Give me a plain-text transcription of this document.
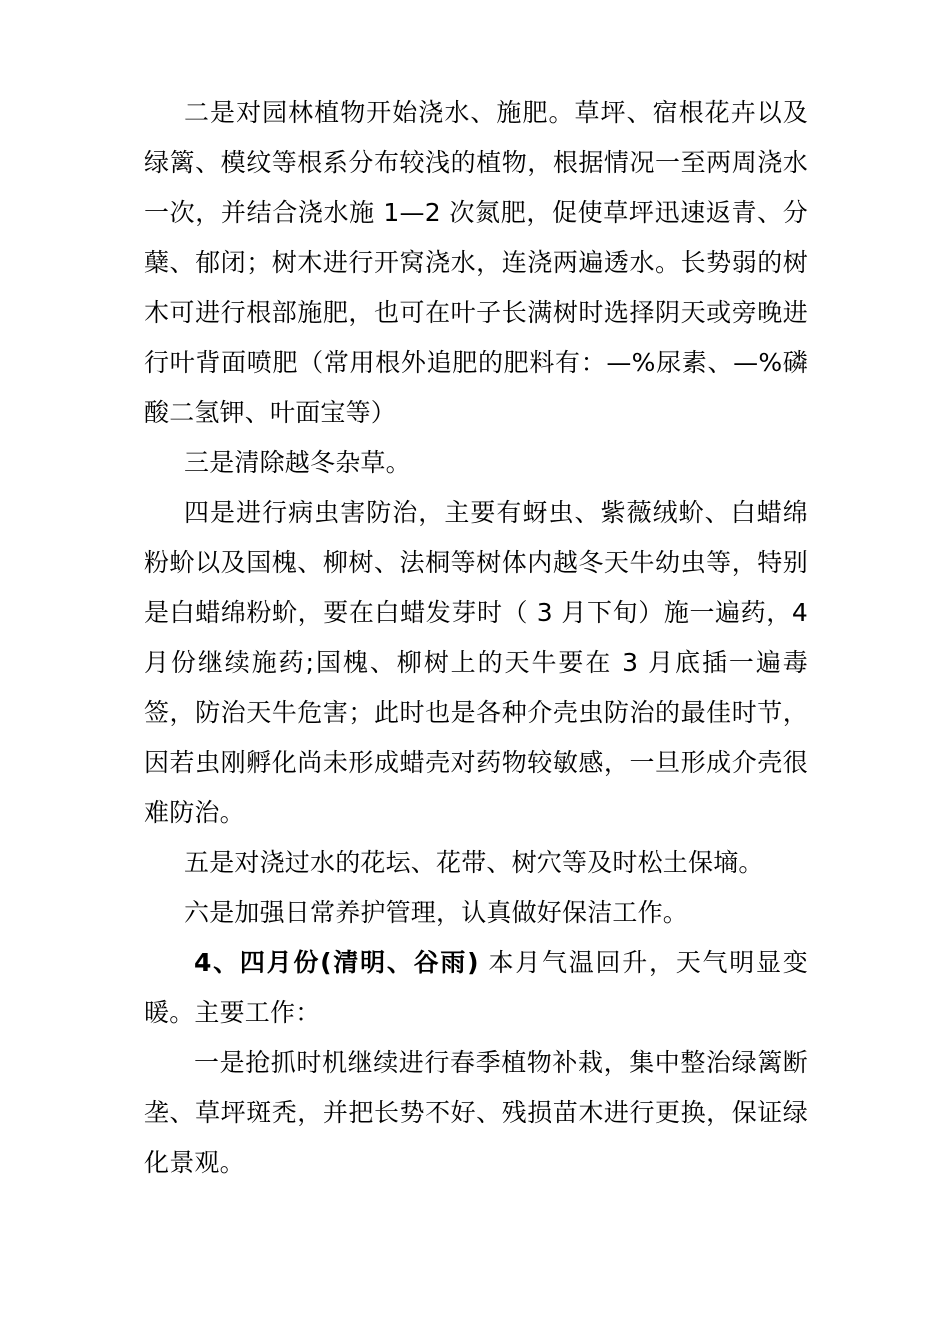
二是对园林植物开始浇水、施肥。草坪、宿根花卉以及绿篱、模纹等根系分布较浅的植物，根据情况一至两周浇水一次，并结合浇水施 1—2 次氮肥，促使草坪迅速返青、分蘖、郁闭；树木进行开窝浇水，连浇两遍透水。长势弱的树木可进行根部施肥，也可在叶子长满树时选择阴天或旁晚进行叶背面喷肥（常用根外追肥的肥料有：—%尿素、—%磷酸二氢钾、叶面宝等）

三是清除越冬杂草。

四是进行病虫害防治，主要有蚜虫、紫薇绒蚧、白蜡绵粉蚧以及国槐、柳树、法桐等树体内越冬天牛幼虫等，特别是白蜡绵粉蚧，要在白蜡发芽时（ 3 月下旬）施一遍药，4 月份继续施药;国槐、柳树上的天牛要在 3 月底插一遍毒签，防治天牛危害；此时也是各种介壳虫防治的最佳时节，因若虫刚孵化尚未形成蜡壳对药物较敏感，一旦形成介壳很难防治。

五是对浇过水的花坛、花带、树穴等及时松土保墒。

六是加强日常养护管理，认真做好保洁工作。

4、四月份(清明、谷雨) 本月气温回升，天气明显变暖。主要工作：

一是抢抓时机继续进行春季植物补栽，集中整治绿篱断垄、草坪斑秃，并把长势不好、残损苗木进行更换，保证绿化景观。
